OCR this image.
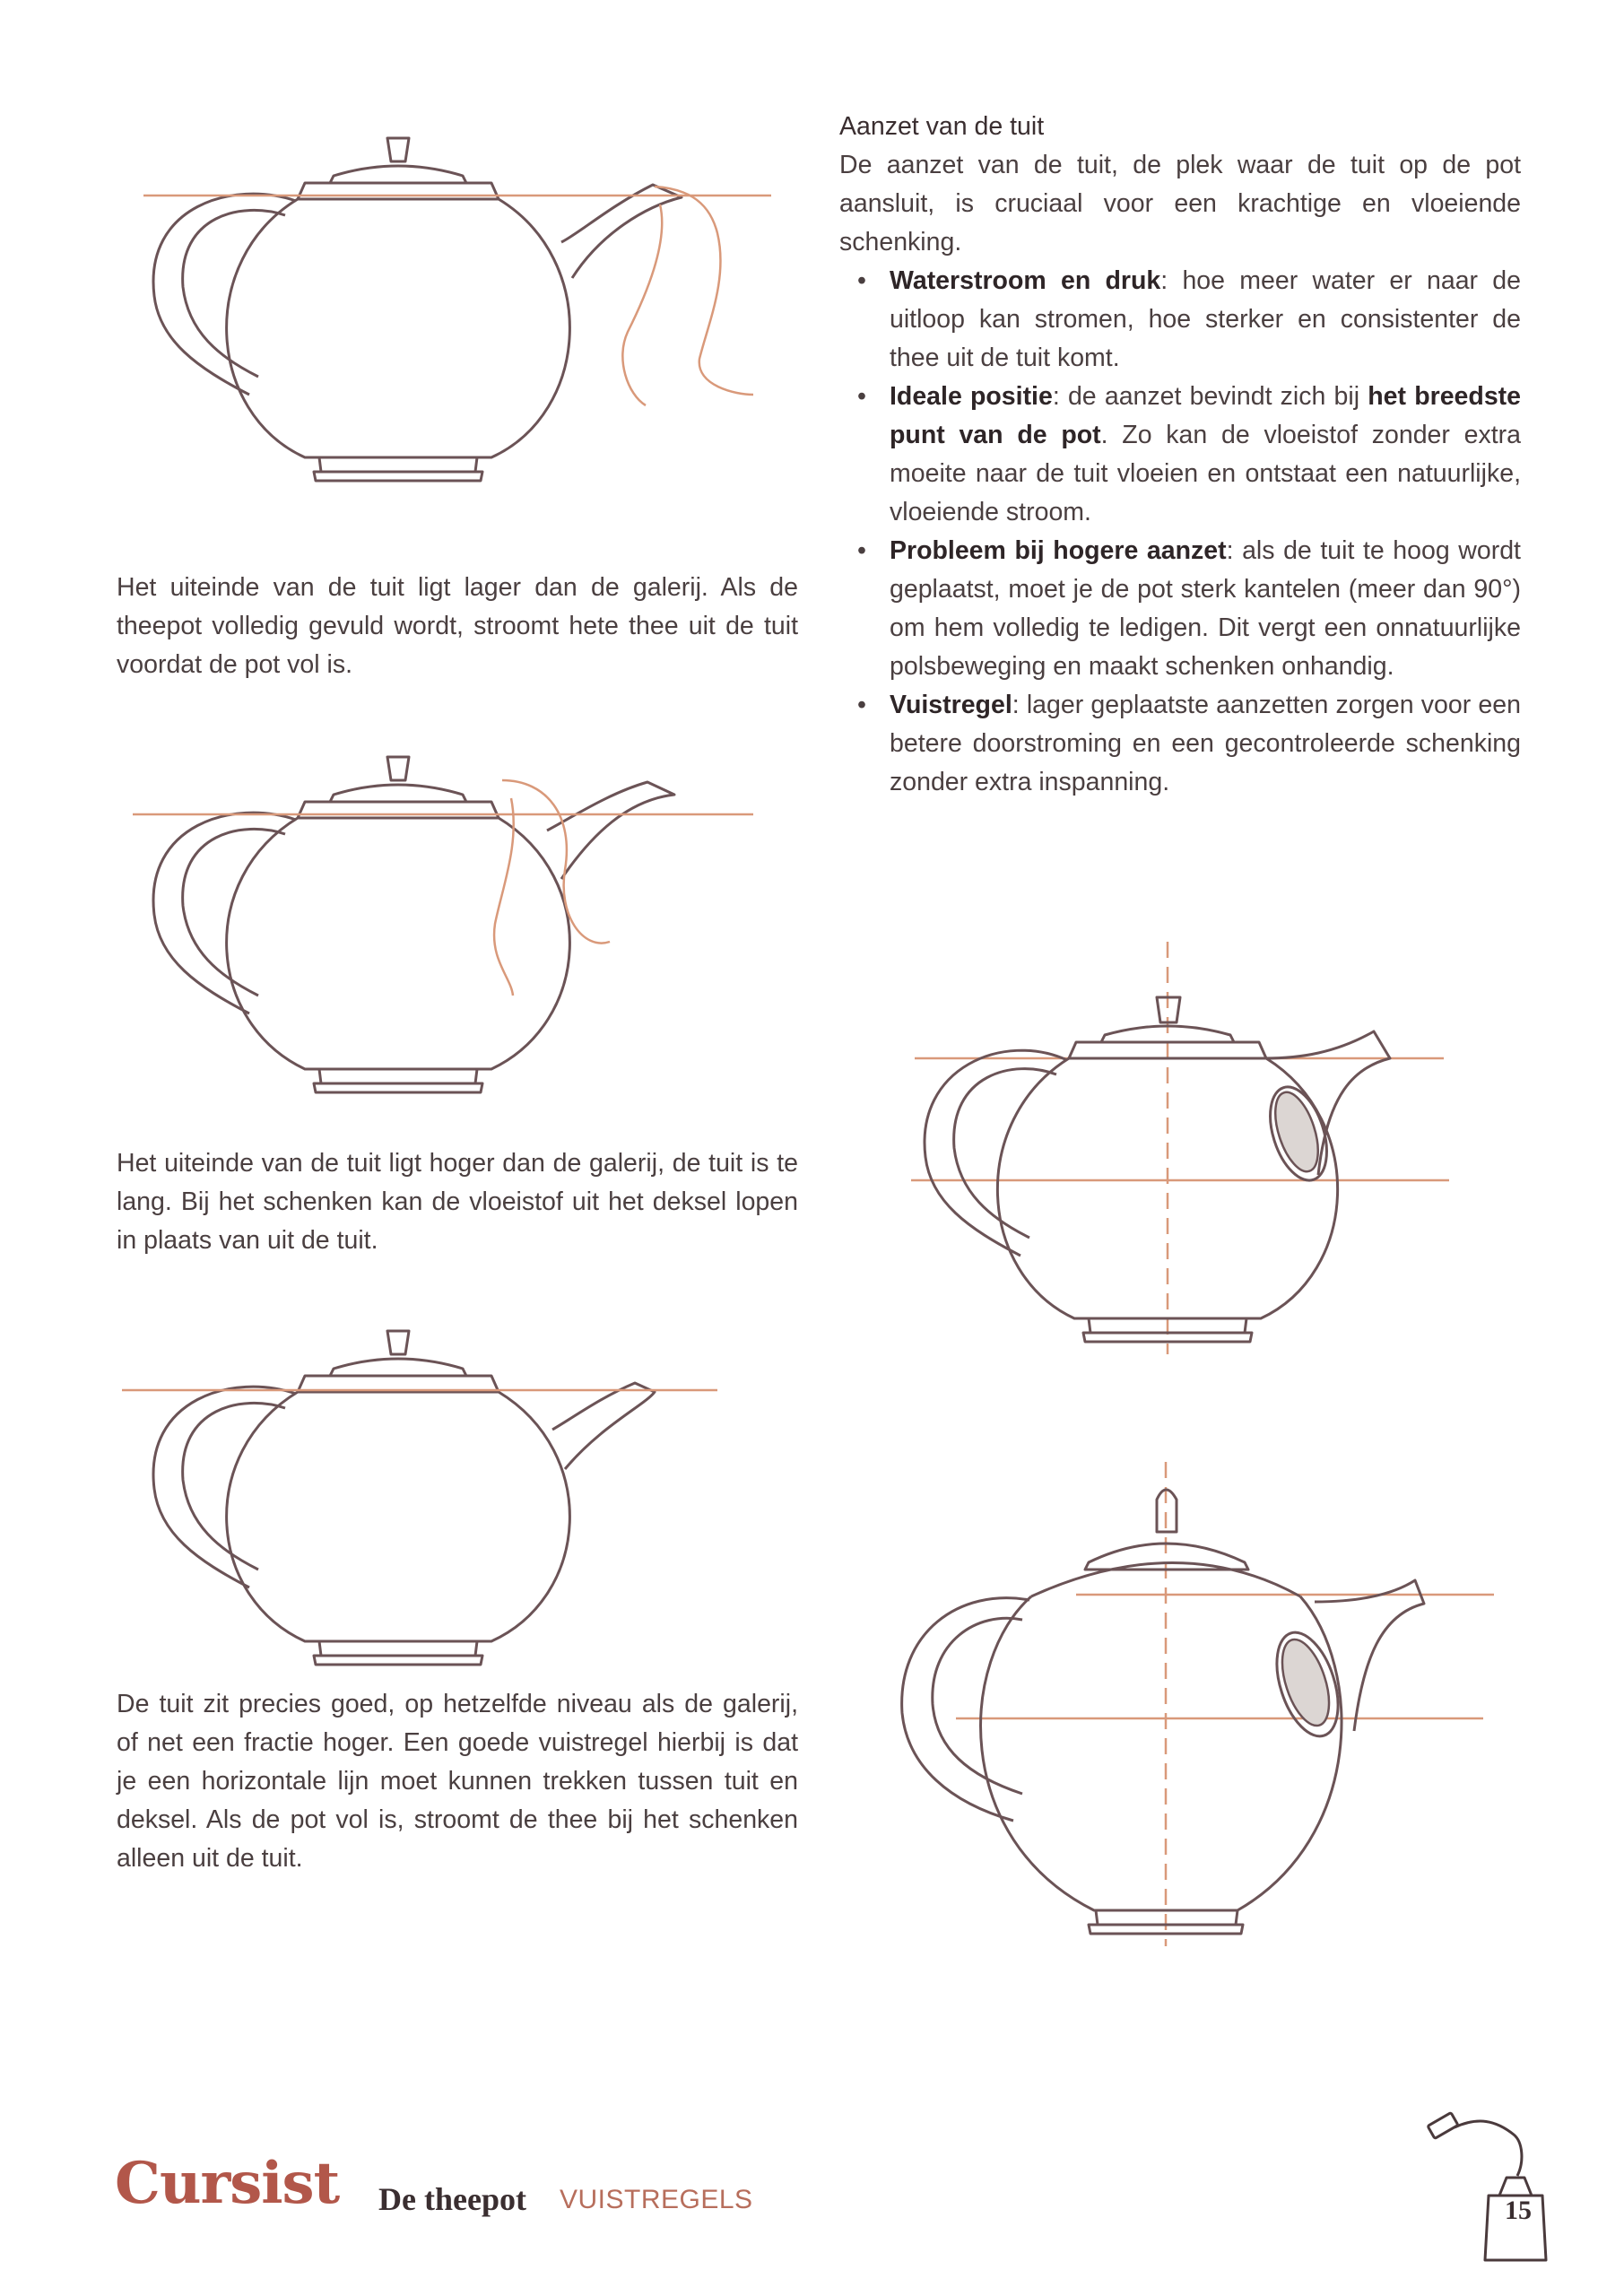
Het uiteinde van de tuit ligt lager dan de galerij. Als de theepot volledig gevuld wordt, stroomt hete thee uit de tuit voordat de pot vol is.

Het uiteinde van de tuit ligt hoger dan de galerij, de tuit is te lang. Bij het schenken kan de vloeistof uit het deksel lopen in plaats van uit de tuit.

De tuit zit precies goed, op hetzelfde niveau als de galerij, of net een fractie hoger. Een goede vuistregel hierbij is dat je een horizontale lijn moet kunnen trekken tussen tuit en deksel. Als de pot vol is, stroomt de thee bij het schenken alleen uit de tuit.

Aanzet van de tuit

De aanzet van de tuit, de plek waar de tuit op de pot aansluit, is cruciaal voor een krachtige en vloeiende schenking.

• Waterstroom en druk: hoe meer water er naar de uitloop kan stromen, hoe sterker en consistenter de thee uit de tuit komt.
• Ideale positie: de aanzet bevindt zich bij het breedste punt van de pot. Zo kan de vloeistof zonder extra moeite naar de tuit vloeien en ontstaat een natuurlijke, vloeiende stroom.
• Probleem bij hogere aanzet: als de tuit te hoog wordt geplaatst, moet je de pot sterk kantelen (meer dan 90°) om hem volledig te ledigen. Dit vergt een onnatuurlijke polsbeweging en maakt schenken onhandig.
• Vuistregel: lager geplaatste aanzetten zorgen voor een betere doorstroming en een gecontroleerde schenking zonder extra inspanning.
Cursist De theepot VUISTREGELS	15
